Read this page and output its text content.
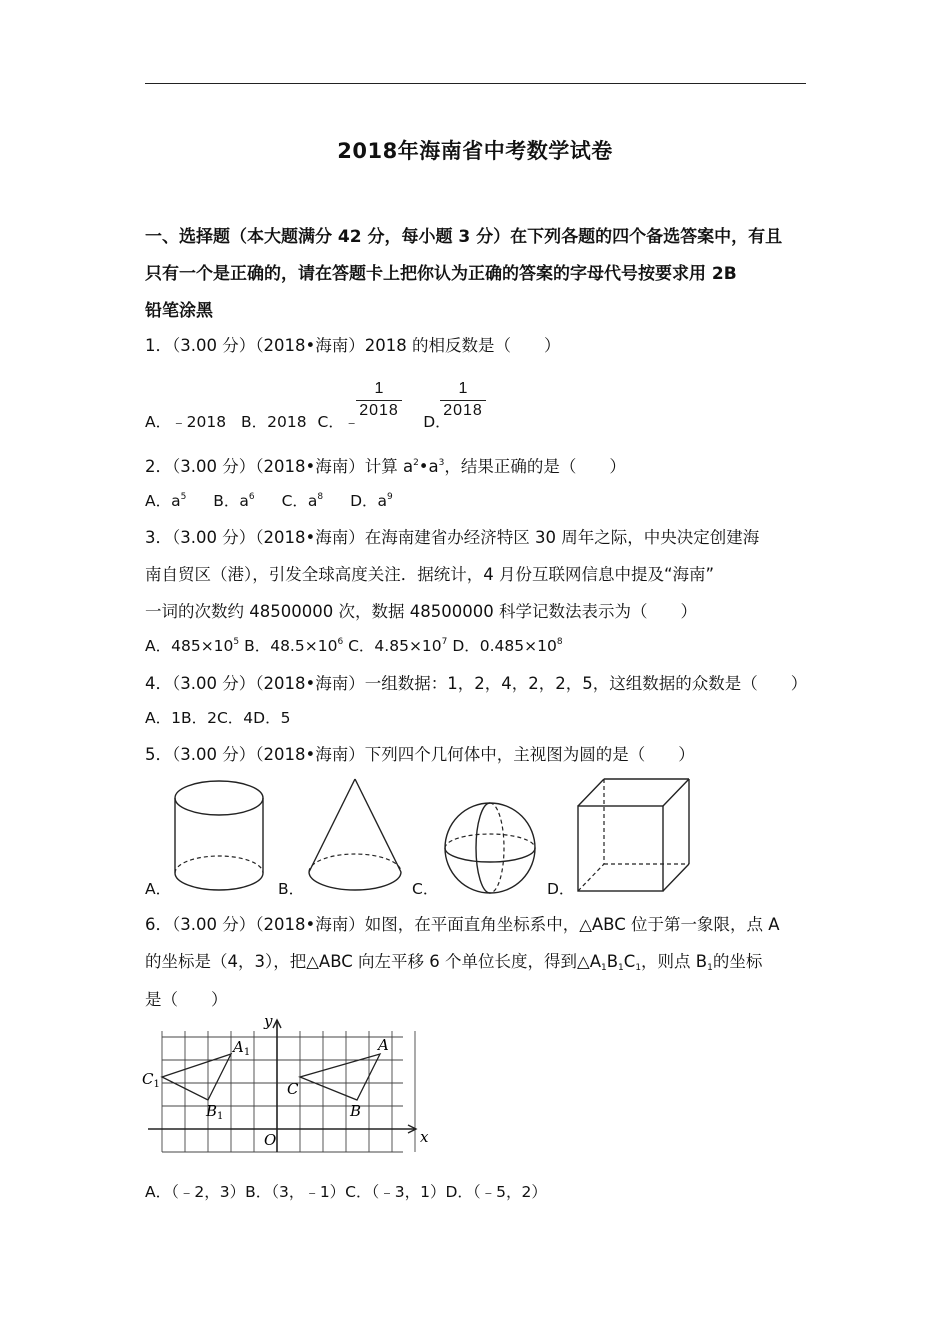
2018年海南省中考数学试卷
一、选择题（本大题满分 42 分，每小题 3 分）在下列各题的四个备选答案中，有且
只有一个是正确的，请在答题卡上把你认为正确的答案的字母代号按要求用 2B
铅笔涂黑
1．（3.00 分）（2018•海南）2018 的相反数是（　　）
A．﹣2018 B．2018 C．﹣	D．
1
2018
1
2018
2．（3.00 分）（2018•海南）计算 $a^2•a^3$，结果正确的是（　　）
A．$a^5$ B．$a^6$ C．$a^8$ D．$a^9$
3．（3.00 分）（2018•海南）在海南建省办经济特区 30 周年之际，中央决定创建海
南自贸区（港），引发全球高度关注．据统计，4 月份互联网信息中提及“海南”
一词的次数约 48500000 次，数据 48500000 科学记数法表示为（　　）
A．$485\times 10^5$ B．$48.5\times 10^6$ C．$4.85\times 10^7$ D．$0.485\times 10^8$
4．（3.00 分）（2018•海南）一组数据：1，2，4，2，2，5，这组数据的众数是（　　）
A．1B．2C．4D．5
5．（3.00 分）（2018•海南）下列四个几何体中，主视图为圆的是（　　）
A．	B．	C．	D．
6．（3.00 分）（2018•海南）如图，在平面直角坐标系中，△ABC 位于第一象限，点 A
的坐标是（4，3），把△ABC 向左平移 6 个单位长度，得到$\triangle A_1B_1C_1$，则点 $B_1$的坐标
是（　　）
x
y
O
A
B
C
$A_1$
$B_1$
$C_1$
A．（﹣2，3）B．（3，﹣1）C．（﹣3，1）D．（﹣5，2）
